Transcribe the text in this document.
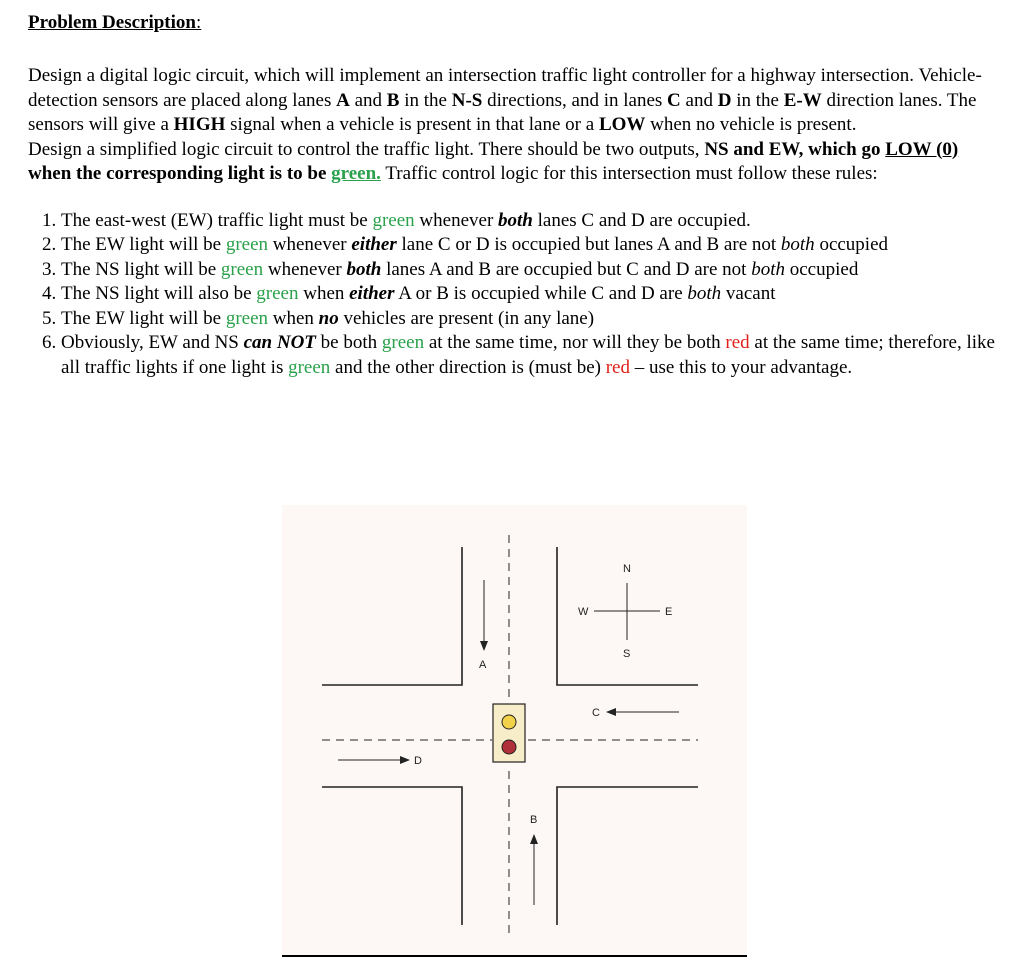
Problem Description:

Design a digital logic circuit, which will implement an intersection traffic light controller for a highway intersection. Vehicle-detection sensors are placed along lanes A and B in the N-S directions, and in lanes C and D in the E-W direction lanes. The sensors will give a HIGH signal when a vehicle is present in that lane or a LOW when no vehicle is present.

Design a simplified logic circuit to control the traffic light. There should be two outputs, NS and EW, which go LOW (0) when the corresponding light is to be green. Traffic control logic for this intersection must follow these rules:

1. The east-west (EW) traffic light must be green whenever both lanes C and D are occupied.
2. The EW light will be green whenever either lane C or D is occupied but lanes A and B are not both occupied
3. The NS light will be green whenever both lanes A and B are occupied but C and D are not both occupied
4. The NS light will also be green when either A or B is occupied while C and D are both vacant
5. The EW light will be green when no vehicles are present (in any lane)
6. Obviously, EW and NS can NOT be both green at the same time, nor will they be both red at the same time; therefore, like all traffic lights if one light is green and the other direction is (must be) red – use this to your advantage.
N
S
W	E
A
B
C
D
